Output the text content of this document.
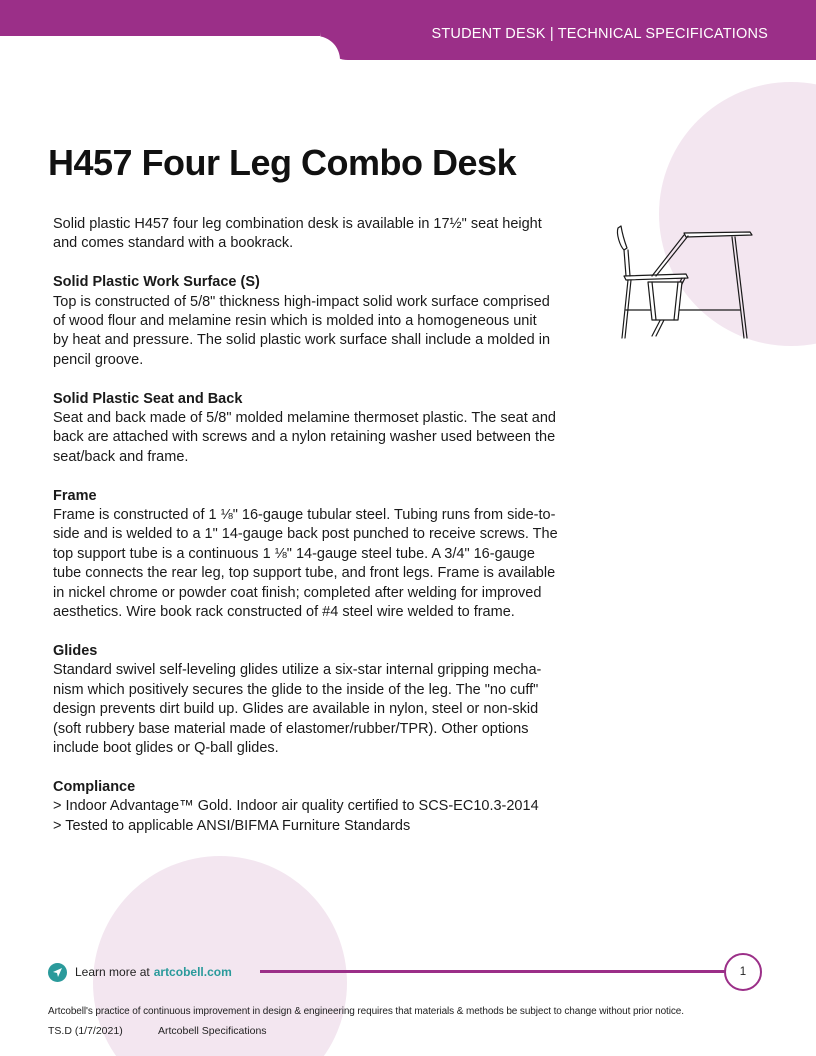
STUDENT DESK | TECHNICAL SPECIFICATIONS
H457 Four Leg Combo Desk

Solid plastic H457 four leg combination desk is available in 17½" seat height
and comes standard with a bookrack.

Solid Plastic Work Surface (S)

Top is constructed of 5/8" thickness high-impact solid work surface comprised
of wood flour and melamine resin which is molded into a homogeneous unit
by heat and pressure. The solid plastic work surface shall include a molded in
pencil groove.

Solid Plastic Seat and Back

Seat and back made of 5/8" molded melamine thermoset plastic. The seat and
back are attached with screws and a nylon retaining washer used between the
seat/back and frame.

Frame

Frame is constructed of 1 ⅛" 16-gauge tubular steel. Tubing runs from side-to-
side and is welded to a 1" 14-gauge back post punched to receive screws. The
top support tube is a continuous 1 ⅛" 14-gauge steel tube. A 3/4" 16-gauge
tube connects the rear leg, top support tube, and front legs. Frame is available
in nickel chrome or powder coat finish; completed after welding for improved
aesthetics. Wire book rack constructed of #4 steel wire welded to frame.

Glides

Standard swivel self-leveling glides utilize a six-star internal gripping mecha-
nism which positively secures the glide to the inside of the leg. The "no cuff"
design prevents dirt build up. Glides are available in nylon, steel or non-skid
(soft rubbery base material made of elastomer/rubber/TPR). Other options
include boot glides or Q-ball glides.

Compliance

> Indoor Advantage™ Gold. Indoor air quality certified to SCS-EC10.3-2014
> Tested to applicable ANSI/BIFMA Furniture Standards

Learn more at artcobell.com	1
Artcobell's practice of continuous improvement in design & engineering requires that materials & methods be subject to change without prior notice.
TS.D (1/7/2021)	Artcobell Specifications
